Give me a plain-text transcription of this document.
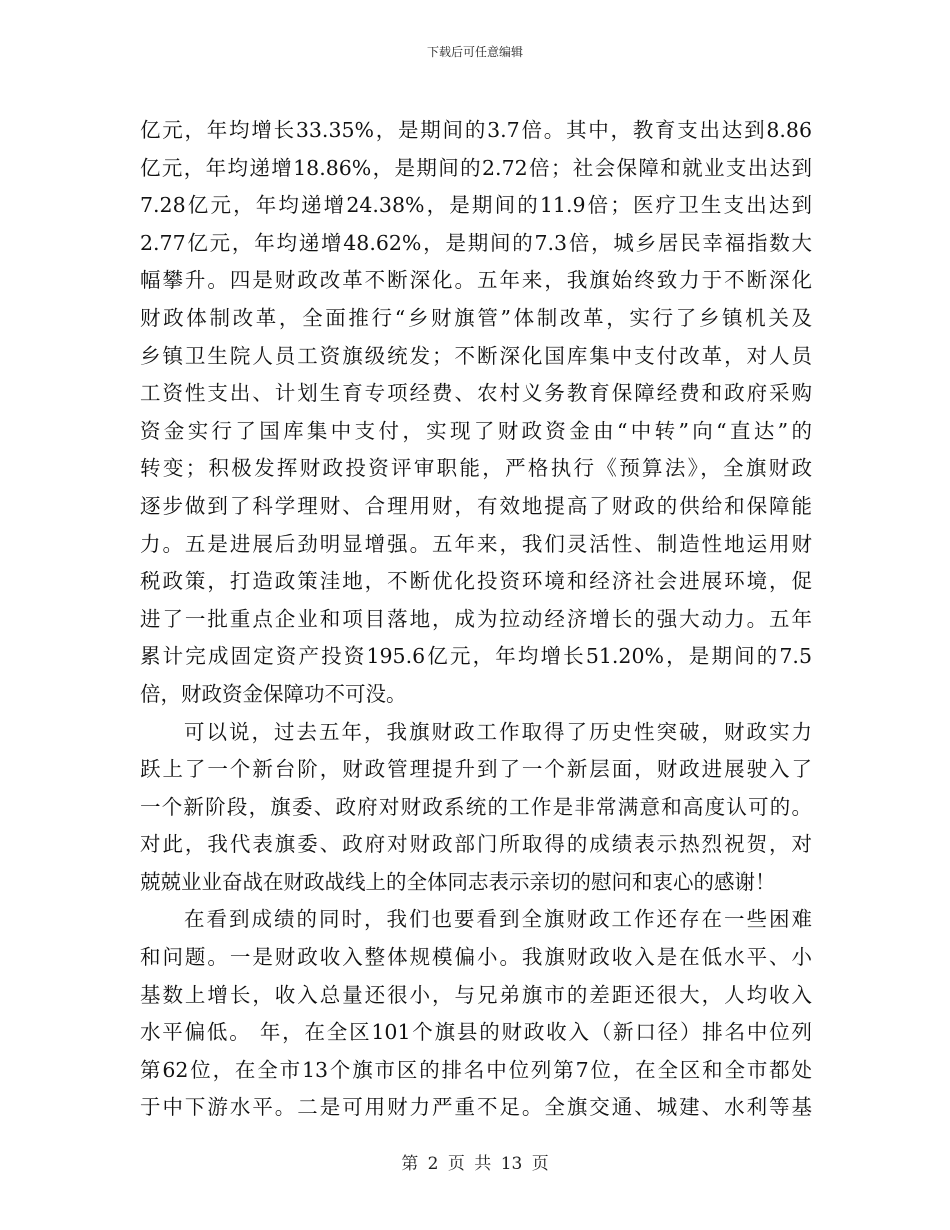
下载后可任意编辑
亿元，年均增长33.35%，是期间的3.7倍。其中，教育支出达到8.86
亿元，年均递增18.86%，是期间的2.72倍；社会保障和就业支出达到
7.28亿元，年均递增24.38%，是期间的11.9倍；医疗卫生支出达到
2.77亿元，年均递增48.62%，是期间的7.3倍，城乡居民幸福指数大
幅攀升。四是财政改革不断深化。五年来，我旗始终致力于不断深化
财政体制改革，全面推行“乡财旗管”体制改革，实行了乡镇机关及
乡镇卫生院人员工资旗级统发；不断深化国库集中支付改革，对人员
工资性支出、计划生育专项经费、农村义务教育保障经费和政府采购
资金实行了国库集中支付，实现了财政资金由“中转”向“直达”的
转变；积极发挥财政投资评审职能，严格执行《预算法》，全旗财政
逐步做到了科学理财、合理用财，有效地提高了财政的供给和保障能
力。五是进展后劲明显增强。五年来，我们灵活性、制造性地运用财
税政策，打造政策洼地，不断优化投资环境和经济社会进展环境，促
进了一批重点企业和项目落地，成为拉动经济增长的强大动力。五年
累计完成固定资产投资195.6亿元，年均增长51.20%，是期间的7.5
倍，财政资金保障功不可没。
可以说，过去五年，我旗财政工作取得了历史性突破，财政实力
跃上了一个新台阶，财政管理提升到了一个新层面，财政进展驶入了
一个新阶段，旗委、政府对财政系统的工作是非常满意和高度认可的。
对此，我代表旗委、政府对财政部门所取得的成绩表示热烈祝贺，对
兢兢业业奋战在财政战线上的全体同志表示亲切的慰问和衷心的感谢！
在看到成绩的同时，我们也要看到全旗财政工作还存在一些困难
和问题。一是财政收入整体规模偏小。我旗财政收入是在低水平、小
基数上增长，收入总量还很小，与兄弟旗市的差距还很大，人均收入
水平偏低。 年，在全区101个旗县的财政收入（新口径）排名中位列
第62位，在全市13个旗市区的排名中位列第7位，在全区和全市都处
于中下游水平。二是可用财力严重不足。全旗交通、城建、水利等基
第 2 页 共 13 页
